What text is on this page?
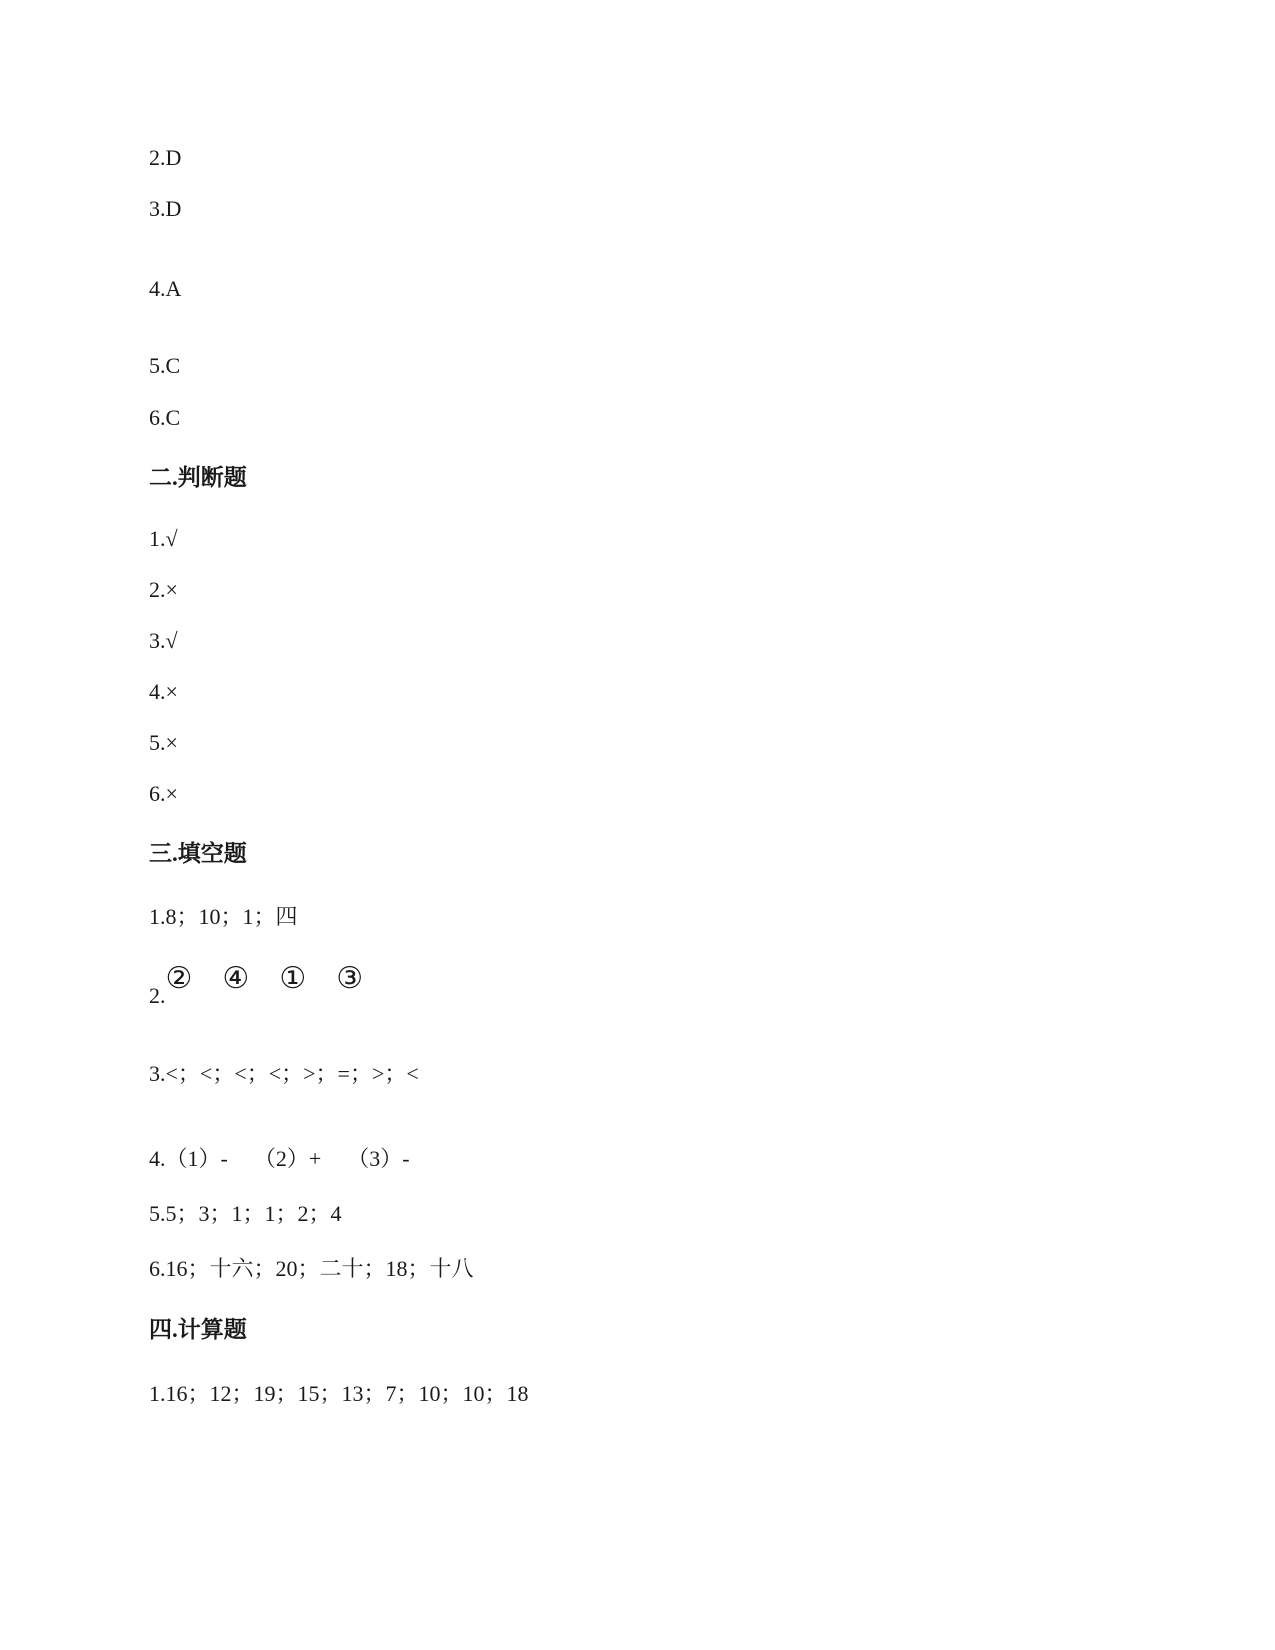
2.D
3.D
4.A
5.C
6.C
二.判断题
1.√
2.×
3.√
4.×
5.×
6.×
三.填空题
1.8；10；1；四
2.② ④ ① ③
3.<；<；<；<；>；=；>；<
4.（1）- （2）+ （3）-
5.5；3；1；1；2；4
6.16；十六；20；二十；18；十八
四.计算题
1.16；12；19；15；13；7；10；10；18
